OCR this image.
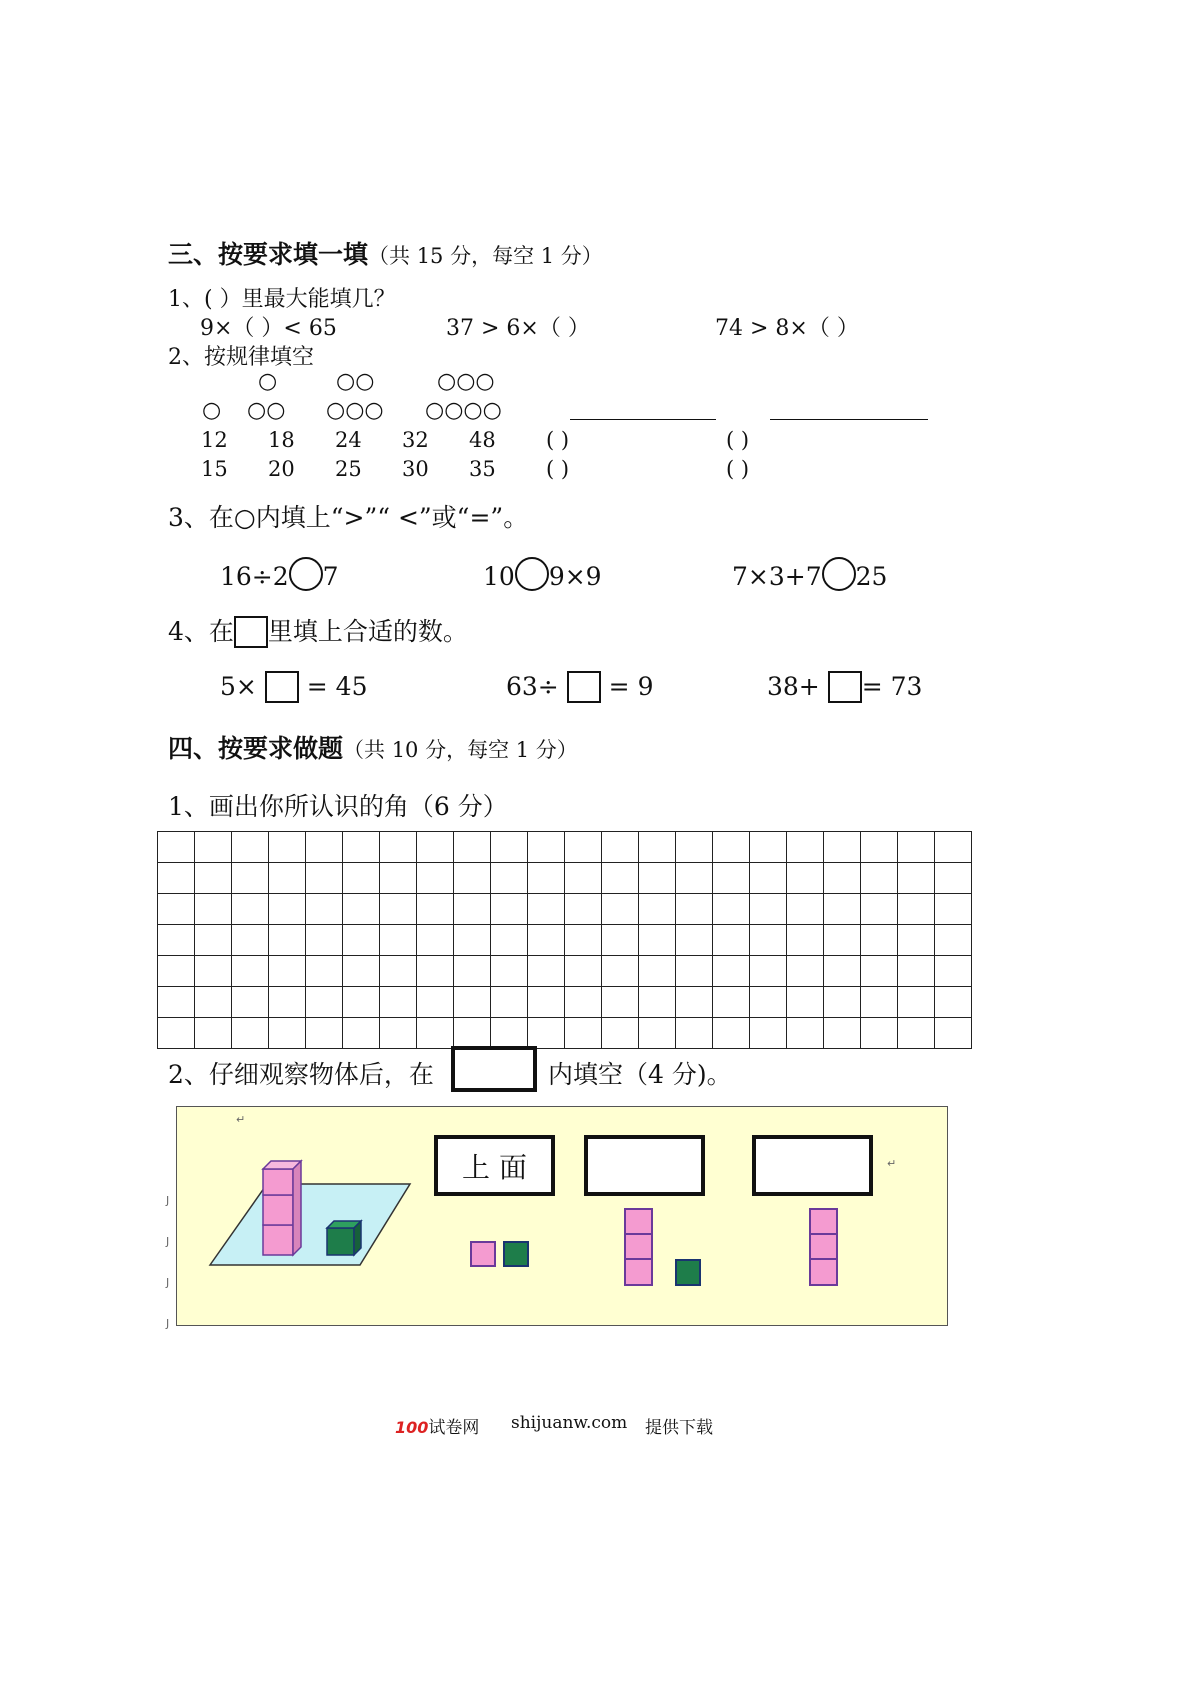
三、按要求填一填（共 15 分，每空 1 分）
1、( ）里最大能填几？
9×（ ）< 65	37 > 6×（ ）	74 > 8×（ ）
2、按规律填空
○	○○	○○○
○ ○○ ○○○ ○○○○
12 18 24 32 48 ( )	( )
15 20 25 30 35 ( )	( )
3、在○内填上“>”“ <”或“=”。
16÷2 7	10 9×9	7×3+7 25
4、在 里填上合适的数。
5× = 45	63÷ = 9	38+ = 73
四、按要求做题（共 10 分，每空 1 分）
1、画出你所认识的角（6 分）

2、仔细观察物体后，在	内填空（4 分)。
↵
↵
J
J
J
J
上 面
100试卷网 shijuanw.com 提供下载
